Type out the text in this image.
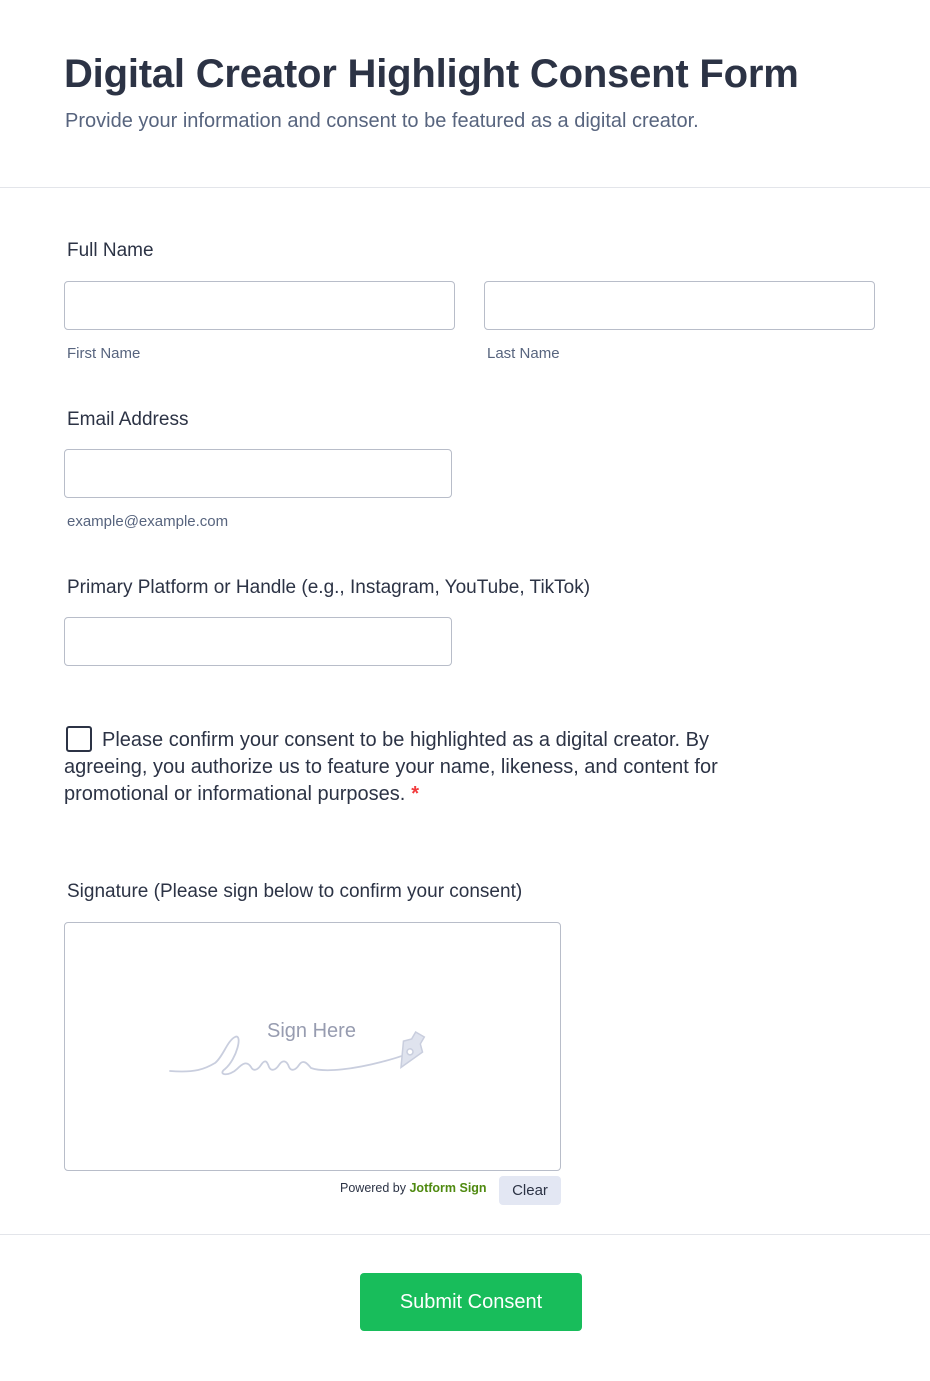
Digital Creator Highlight Consent Form
Provide your information and consent to be featured as a digital creator.
Full Name
First Name	Last Name
Email Address
example@example.com
Primary Platform or Handle (e.g., Instagram, YouTube, TikTok)
Please confirm your consent to be highlighted as a digital creator. By agreeing, you authorize us to feature your name, likeness, and content for promotional or informational purposes. *
Signature (Please sign below to confirm your consent)
Sign Here
Powered by Jotform Sign	Clear
Submit Consent
